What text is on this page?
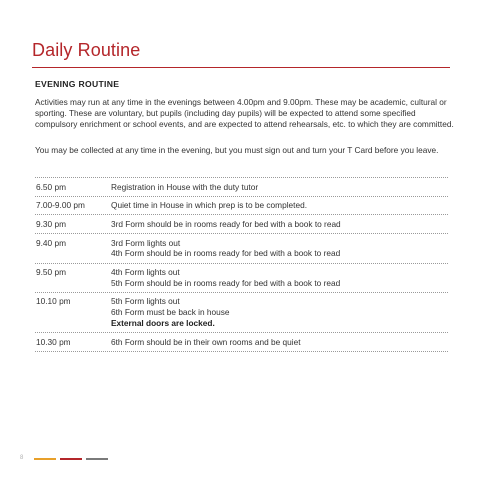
Daily Routine
EVENING ROUTINE

Activities may run at any time in the evenings between 4.00pm and 9.00pm. These may be academic, cultural or sporting. These are voluntary, but pupils (including day pupils) will be expected to attend some specified compulsory enrichment or school events, and are expected to attend rehearsals, etc. to which they are committed.

You may be collected at any time in the evening, but you must sign out and turn your T Card before you leave.

6.50 pm	Registration in House with the duty tutor
7.00-9.00 pm	Quiet time in House in which prep is to be completed.
9.30 pm	3rd Form should be in rooms ready for bed with a book to read
9.40 pm	3rd Form lights out
4th Form should be in rooms ready for bed with a book to read
9.50 pm	4th Form lights out
5th Form should be in rooms ready for bed with a book to read
10.10 pm	5th Form lights out
6th Form must be back in house
External doors are locked.
10.30 pm	6th Form should be in their own rooms and be quiet
8
